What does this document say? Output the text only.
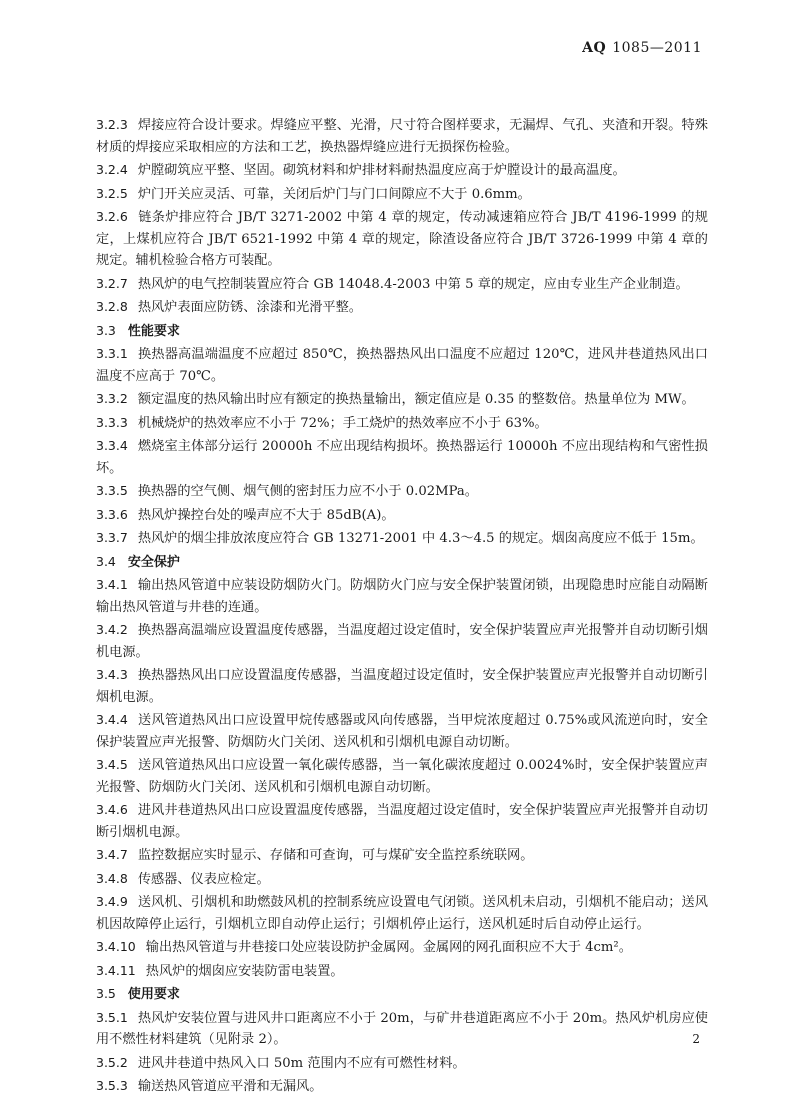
AQ 1085—2011
3.2.3 焊接应符合设计要求。焊缝应平整、光滑，尺寸符合图样要求，无漏焊、气孔、夹渣和开裂。特殊材质的焊接应采取相应的方法和工艺，换热器焊缝应进行无损探伤检验。
3.2.4 炉膛砌筑应平整、坚固。砌筑材料和炉排材料耐热温度应高于炉膛设计的最高温度。
3.2.5 炉门开关应灵活、可靠，关闭后炉门与门口间隙应不大于 0.6mm。
3.2.6 链条炉排应符合 JB/T 3271-2002 中第 4 章的规定，传动减速箱应符合 JB/T 4196-1999 的规定，上煤机应符合 JB/T 6521-1992 中第 4 章的规定，除渣设备应符合 JB/T 3726-1999 中第 4 章的规定。辅机检验合格方可装配。
3.2.7 热风炉的电气控制装置应符合 GB 14048.4-2003 中第 5 章的规定，应由专业生产企业制造。
3.2.8 热风炉表面应防锈、涂漆和光滑平整。
3.3 性能要求
3.3.1 换热器高温端温度不应超过 850℃，换热器热风出口温度不应超过 120℃，进风井巷道热风出口温度不应高于 70℃。
3.3.2 额定温度的热风输出时应有额定的换热量输出，额定值应是 0.35 的整数倍。热量单位为 MW。
3.3.3 机械烧炉的热效率应不小于 72%；手工烧炉的热效率应不小于 63%。
3.3.4 燃烧室主体部分运行 20000h 不应出现结构损坏。换热器运行 10000h 不应出现结构和气密性损坏。
3.3.5 换热器的空气侧、烟气侧的密封压力应不小于 0.02MPa。
3.3.6 热风炉操控台处的噪声应不大于 85dB(A)。
3.3.7 热风炉的烟尘排放浓度应符合 GB 13271-2001 中 4.3～4.5 的规定。烟囱高度应不低于 15m。
3.4 安全保护
3.4.1 输出热风管道中应装设防烟防火门。防烟防火门应与安全保护装置闭锁，出现隐患时应能自动隔断输出热风管道与井巷的连通。
3.4.2 换热器高温端应设置温度传感器，当温度超过设定值时，安全保护装置应声光报警并自动切断引烟机电源。
3.4.3 换热器热风出口应设置温度传感器，当温度超过设定值时，安全保护装置应声光报警并自动切断引烟机电源。
3.4.4 送风管道热风出口应设置甲烷传感器或风向传感器，当甲烷浓度超过 0.75%或风流逆向时，安全保护装置应声光报警、防烟防火门关闭、送风机和引烟机电源自动切断。
3.4.5 送风管道热风出口应设置一氧化碳传感器，当一氧化碳浓度超过 0.0024%时，安全保护装置应声光报警、防烟防火门关闭、送风机和引烟机电源自动切断。
3.4.6 进风井巷道热风出口应设置温度传感器，当温度超过设定值时，安全保护装置应声光报警并自动切断引烟机电源。
3.4.7 监控数据应实时显示、存储和可查询，可与煤矿安全监控系统联网。
3.4.8 传感器、仪表应检定。
3.4.9 送风机、引烟机和助燃鼓风机的控制系统应设置电气闭锁。送风机未启动，引烟机不能启动；送风机因故障停止运行，引烟机立即自动停止运行；引烟机停止运行，送风机延时后自动停止运行。
3.4.10 输出热风管道与井巷接口处应装设防护金属网。金属网的网孔面积应不大于 4cm²。
3.4.11 热风炉的烟囱应安装防雷电装置。
3.5 使用要求
3.5.1 热风炉安装位置与进风井口距离应不小于 20m，与矿井巷道距离应不小于 20m。热风炉机房应使用不燃性材料建筑（见附录 2）。
3.5.2 进风井巷道中热风入口 50m 范围内不应有可燃性材料。
3.5.3 输送热风管道应平滑和无漏风。
2
